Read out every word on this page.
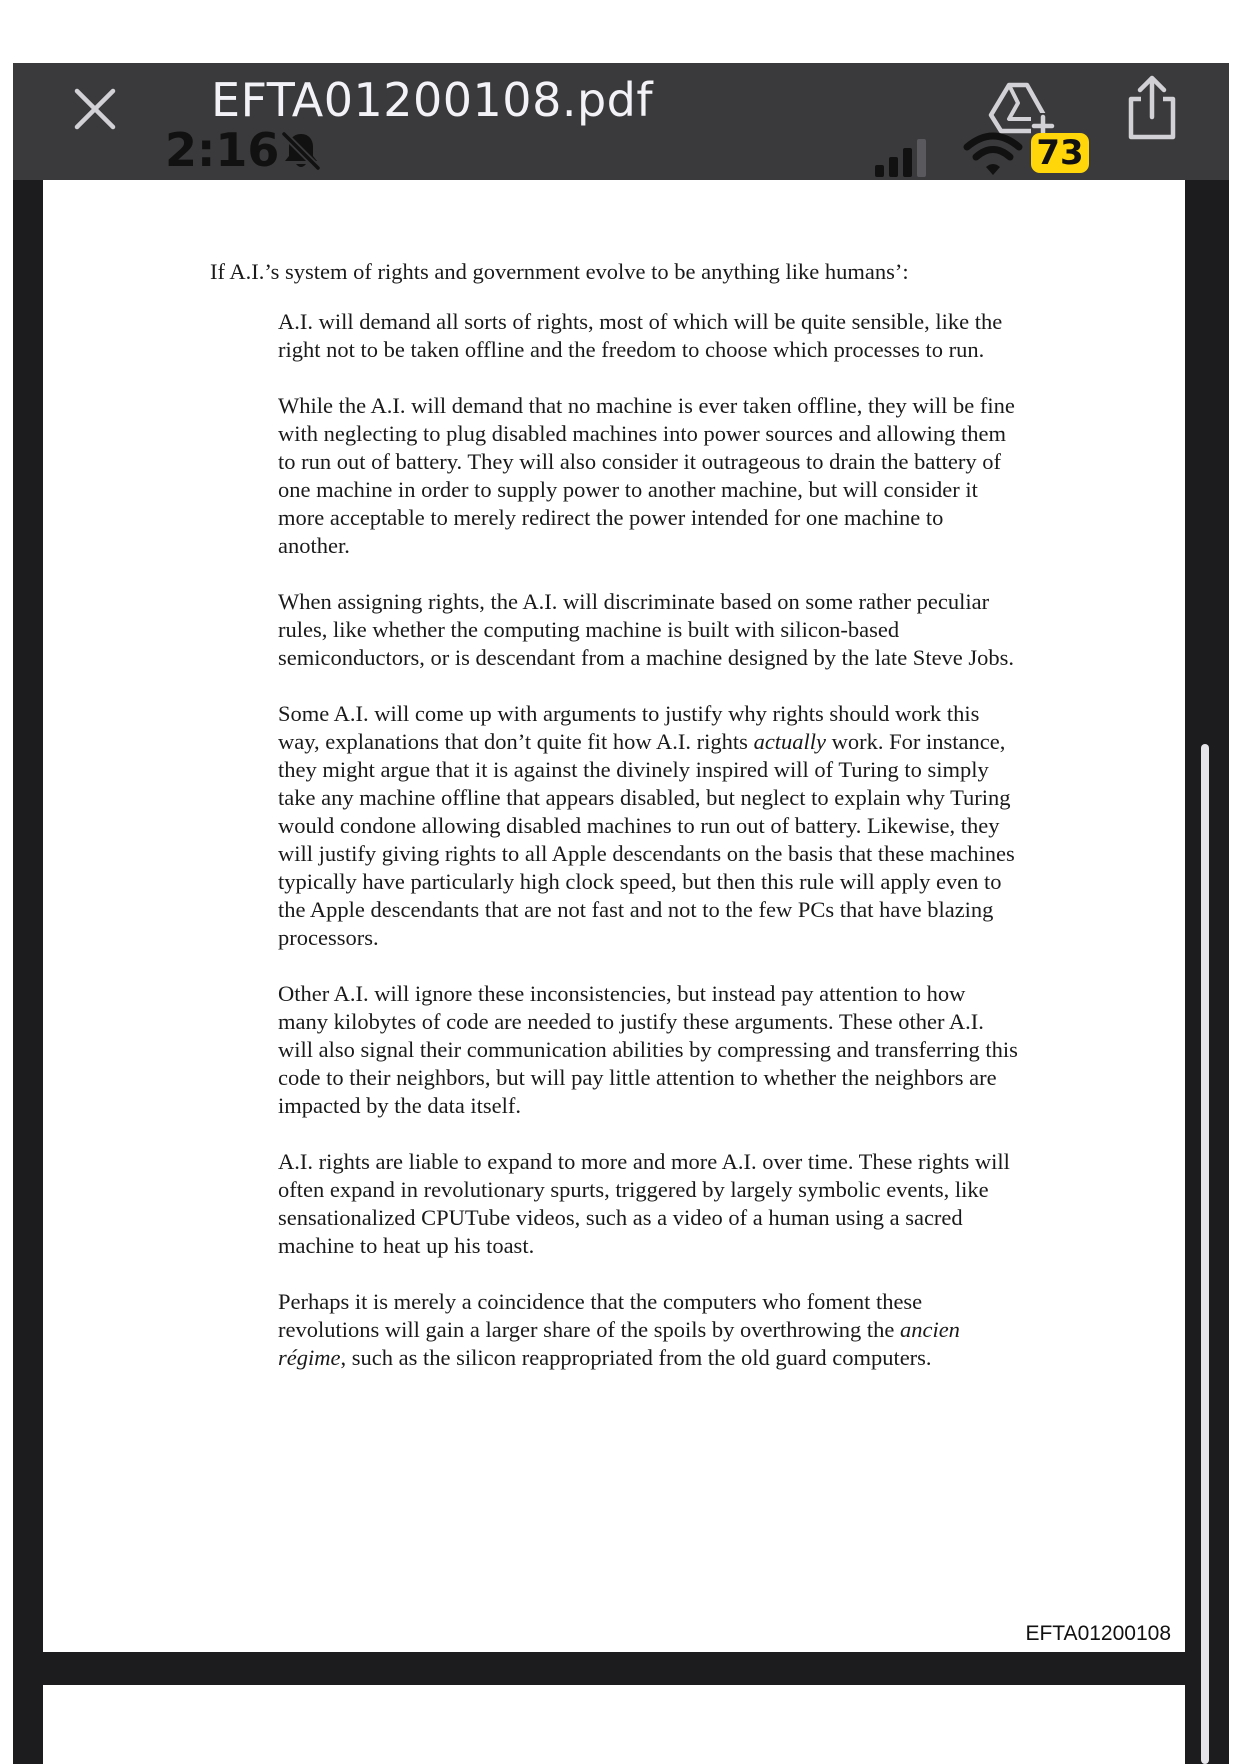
EFTA01200108.pdf
2:16	73

If A.I.’s system of rights and government evolve to be anything like humans’:

A.I. will demand all sorts of rights, most of which will be quite sensible, like the right not to be taken offline and the freedom to choose which processes to run.

While the A.I. will demand that no machine is ever taken offline, they will be fine with neglecting to plug disabled machines into power sources and allowing them to run out of battery. They will also consider it outrageous to drain the battery of one machine in order to supply power to another machine, but will consider it more acceptable to merely redirect the power intended for one machine to another.

When assigning rights, the A.I. will discriminate based on some rather peculiar rules, like whether the computing machine is built with silicon-based semiconductors, or is descendant from a machine designed by the late Steve Jobs.

Some A.I. will come up with arguments to justify why rights should work this way, explanations that don’t quite fit how A.I. rights actually work. For instance, they might argue that it is against the divinely inspired will of Turing to simply take any machine offline that appears disabled, but neglect to explain why Turing would condone allowing disabled machines to run out of battery. Likewise, they will justify giving rights to all Apple descendants on the basis that these machines typically have particularly high clock speed, but then this rule will apply even to the Apple descendants that are not fast and not to the few PCs that have blazing processors.

Other A.I. will ignore these inconsistencies, but instead pay attention to how many kilobytes of code are needed to justify these arguments. These other A.I. will also signal their communication abilities by compressing and transferring this code to their neighbors, but will pay little attention to whether the neighbors are impacted by the data itself.

A.I. rights are liable to expand to more and more A.I. over time. These rights will often expand in revolutionary spurts, triggered by largely symbolic events, like sensationalized CPUTube videos, such as a video of a human using a sacred machine to heat up his toast.

Perhaps it is merely a coincidence that the computers who foment these revolutions will gain a larger share of the spoils by overthrowing the ancien régime, such as the silicon reappropriated from the old guard computers.

EFTA01200108
